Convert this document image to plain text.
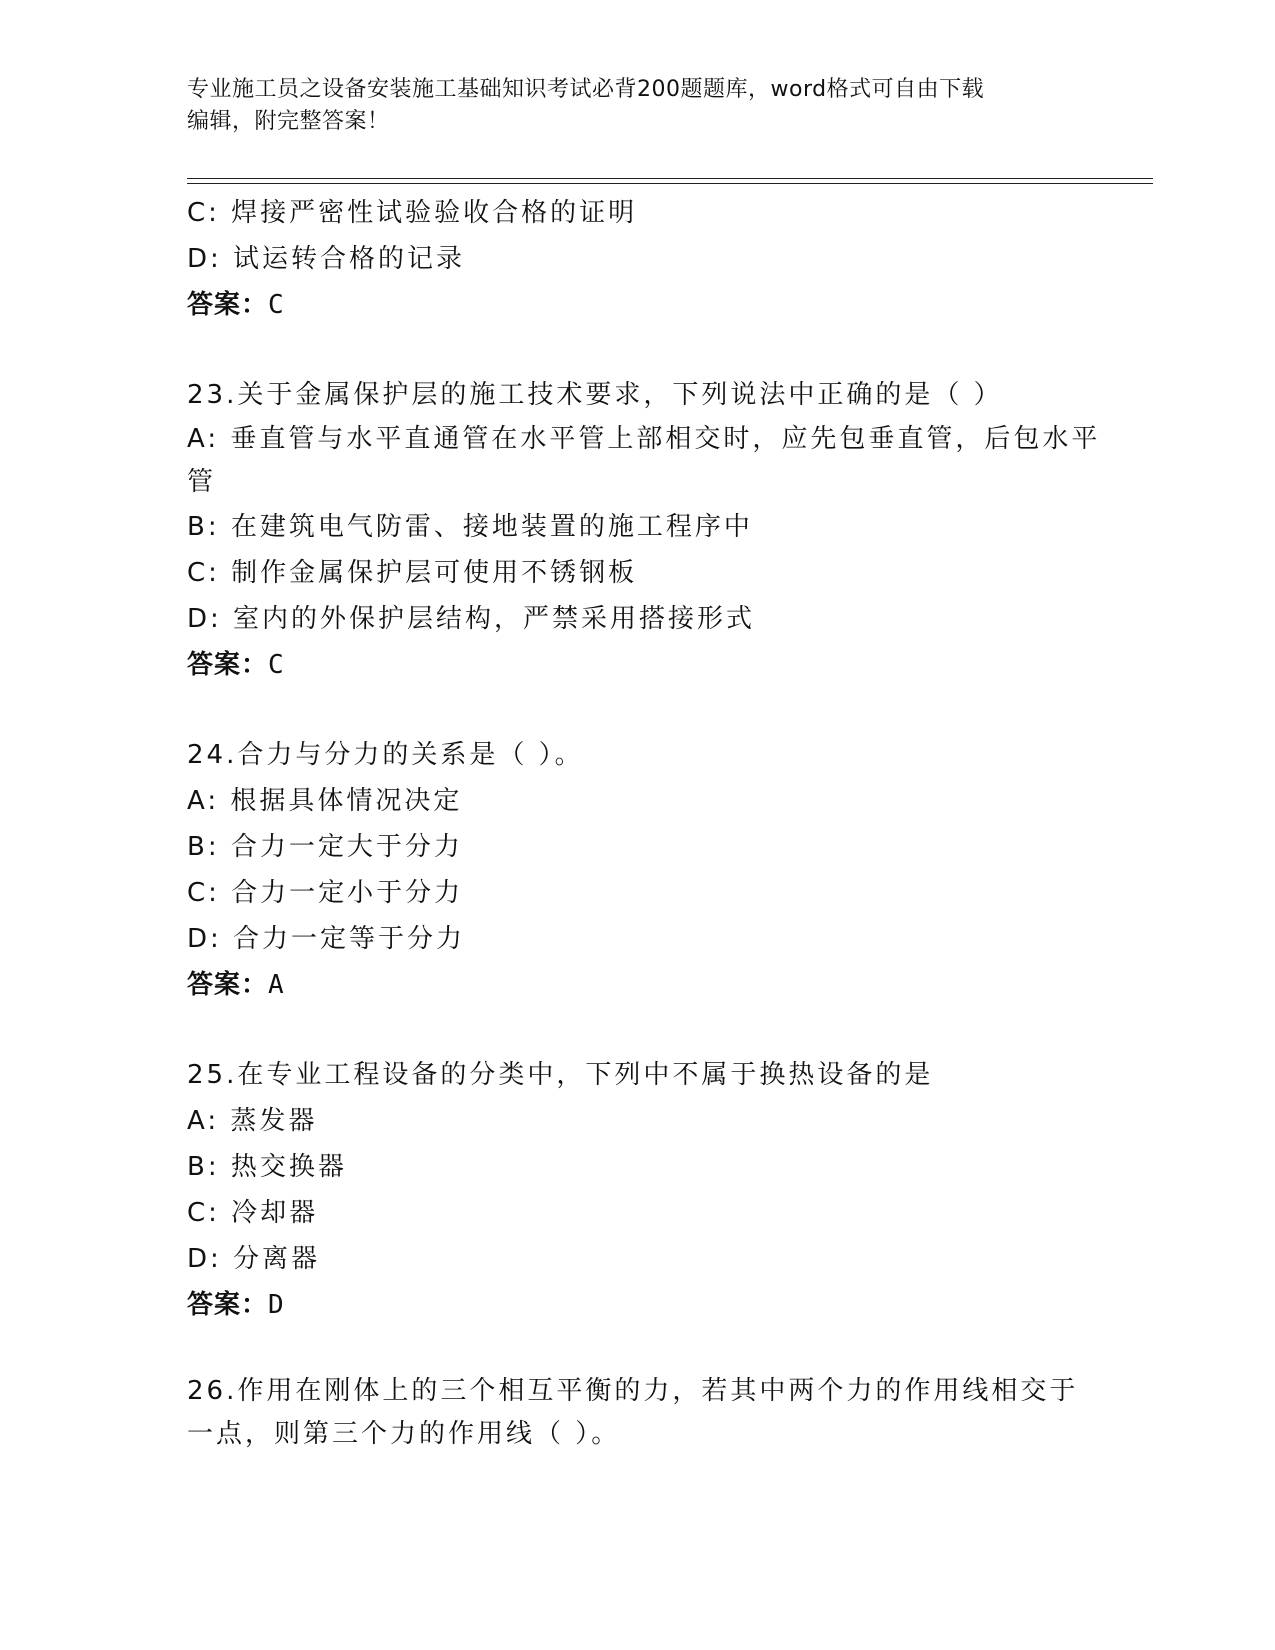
专业施工员之设备安装施工基础知识考试必背200题题库，word格式可自由下载
编辑，附完整答案！
C: 焊接严密性试验验收合格的证明
D: 试运转合格的记录
答案：C
23.关于金属保护层的施工技术要求，下列说法中正确的是（ ）
A: 垂直管与水平直通管在水平管上部相交时，应先包垂直管，后包水平管
B: 在建筑电气防雷、接地装置的施工程序中
C: 制作金属保护层可使用不锈钢板
D: 室内的外保护层结构，严禁采用搭接形式
答案：C
24.合力与分力的关系是（ ）。
A: 根据具体情况决定
B: 合力一定大于分力
C: 合力一定小于分力
D: 合力一定等于分力
答案：A
25.在专业工程设备的分类中，下列中不属于换热设备的是
A: 蒸发器
B: 热交换器
C: 冷却器
D: 分离器
答案：D
26.作用在刚体上的三个相互平衡的力，若其中两个力的作用线相交于一点，则第三个力的作用线（ ）。
